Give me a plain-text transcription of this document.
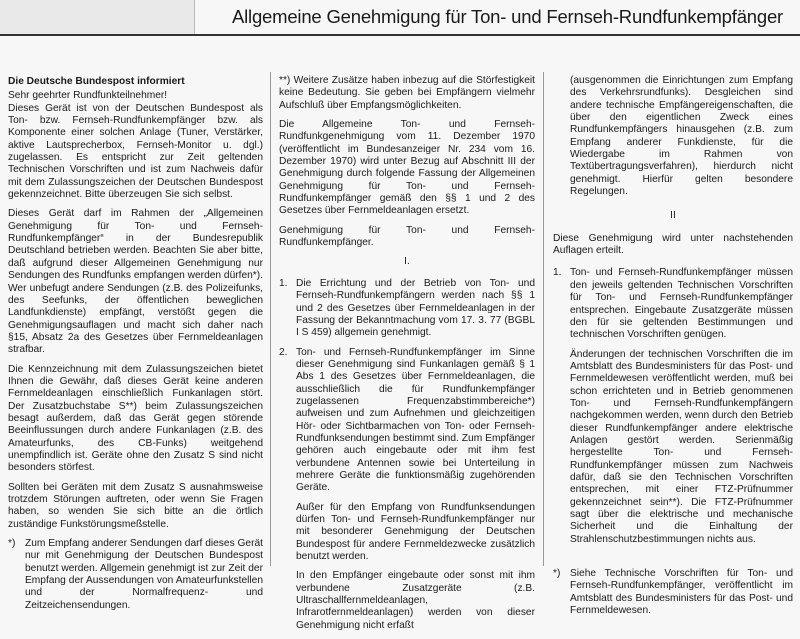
Allgemeine Genehmigung für Ton- und Fernseh-Rundfunkempfänger

Die Deutsche Bundespost informiert

Sehr geehrter Rundfunkteilnehmer!

Dieses Gerät ist von der Deutschen Bundespost als Ton- bzw. Fernseh-Rundfunkempfänger bzw. als Komponente einer solchen Anlage (Tuner, Verstärker, aktive Lautsprecherbox, Fernseh-Monitor u. dgl.) zugelassen. Es entspricht zur Zeit geltenden Technischen Vorschriften und ist zum Nachweis dafür mit dem Zulassungszeichen der Deutschen Bundespost gekennzeichnet. Bitte überzeugen Sie sich selbst.

Dieses Gerät darf im Rahmen der „Allgemeinen Genehmigung für Ton- und Fernseh-Rundfunkempfänger“ in der Bundesrepublik Deutschland betrieben werden. Beachten Sie aber bitte, daß aufgrund dieser Allgemeinen Genehmigung nur Sendungen des Rundfunks empfangen werden dürfen*). Wer unbefugt andere Sendungen (z.B. des Polizeifunks, des Seefunks, der öffentlichen beweglichen Landfunkdienste) empfängt, verstößt gegen die Genehmigungsauflagen und macht sich daher nach §15, Absatz 2a des Gesetzes über Fernmeldeanlagen strafbar.

Die Kennzeichnung mit dem Zulassungszeichen bietet Ihnen die Gewähr, daß dieses Gerät keine anderen Fernmeldeanlagen einschließlich Funkanlagen stört. Der Zusatzbuchstabe S**) beim Zulassungszeichen besagt außerdem, daß das Gerät gegen störende Beeinflussungen durch andere Funkanlagen (z.B. des Amateurfunks, des CB-Funks) weitgehend unempfindlich ist. Geräte ohne den Zusatz S sind nicht besonders störfest.

Sollten bei Geräten mit dem Zusatz S ausnahmsweise trotzdem Störungen auftreten, oder wenn Sie Fragen haben, so wenden Sie sich bitte an die örtlich zuständige Funkstörungsmeßstelle.

*) Zum Empfang anderer Sendungen darf dieses Gerät nur mit Genehmigung der Deutschen Bundespost benutzt werden. Allgemein genehmigt ist zur Zeit der Empfang der Aussendungen von Amateurfunkstellen und der Normalfrequenz- und Zeitzeichensendungen.

**) Weitere Zusätze haben inbezug auf die Störfestigkeit keine Bedeutung. Sie geben bei Empfängern vielmehr Aufschluß über Empfangsmöglichkeiten.

Die Allgemeine Ton- und Fernseh-Rundfunkgenehmigung vom 11. Dezember 1970 (veröffentlicht im Bundesanzeiger Nr. 234 vom 16. Dezember 1970) wird unter Bezug auf Abschnitt III der Genehmigung durch folgende Fassung der Allgemeinen Genehmigung für Ton- und Fernseh-Rundfunkempfänger gemäß den §§ 1 und 2 des Gesetzes über Fernmeldeanlagen ersetzt.

Genehmigung für Ton- und Fernseh-Rundfunkempfänger.

I.
1. Die Errichtung und der Betrieb von Ton- und Fernseh-Rundfunkempfängern werden nach §§ 1 und 2 des Gesetzes über Fernmeldeanlagen in der Fassung der Bekanntmachung vom 17. 3. 77 (BGBL I S 459) allgemein genehmigt.
2. Ton- und Fernseh-Rundfunkempfänger im Sinne dieser Genehmigung sind Funkanlagen gemäß § 1 Abs 1 des Gesetzes über Fernmeldeanlagen, die ausschließlich die für Rundfunkempfänger zugelassenen Frequenzabstimmbereiche*) aufweisen und zum Aufnehmen und gleichzeitigen Hör- oder Sichtbarmachen von Ton- oder Fernseh-Rundfunksendungen bestimmt sind. Zum Empfänger gehören auch eingebaute oder mit ihm fest verbundene Antennen sowie bei Unterteilung in mehrere Geräte die funktionsmäßig zugehörenden Geräte.
Außer für den Empfang von Rundfunksendungen dürfen Ton- und Fernseh-Rundfunkempfänger nur mit besonderer Genehmigung der Deutschen Bundespost für andere Fernmeldezwecke zusätzlich benutzt werden.
In den Empfänger eingebaute oder sonst mit ihm verbundene Zusatzgeräte (z.B. Ultraschallfernmeldeanlagen, Infrarotfernmeldeanlagen) werden von dieser Genehmigung nicht erfaßt
(ausgenommen die Einrichtungen zum Empfang des Verkehrsrundfunks). Desgleichen sind andere technische Empfängereigenschaften, die über den eigentlichen Zweck eines Rundfunkempfängers hinausgehen (z.B. zum Empfang anderer Funkdienste, für die Wiedergabe im Rahmen von Textübertragungsverfahren), hierdurch nicht genehmigt. Hierfür gelten besondere Regelungen.
II

Diese Genehmigung wird unter nachstehenden Auflagen erteilt.

1. Ton- und Fernseh-Rundfunkempfänger müssen den jeweils geltenden Technischen Vorschriften für Ton- und Fernseh-Rundfunkempfänger entsprechen. Eingebaute Zusatzgeräte müssen den für sie geltenden Bestimmungen und technischen Vorschriften genügen.
Änderungen der technischen Vorschriften die im Amtsblatt des Bundesministers für das Post- und Fernmeldewesen veröffentlicht werden, muß bei schon errichteten und in Betrieb genommenen Ton- und Fernseh-Rundfunkempfängern nachgekommen werden, wenn durch den Betrieb dieser Rundfunkempfänger andere elektrische Anlagen gestört werden. Serienmäßig hergestellte Ton- und Fernseh-Rundfunkempfänger müssen zum Nachweis dafür, daß sie den Technischen Vorschriften entsprechen, mit einer FTZ-Prüfnummer gekennzeichnet sein**). Die FTZ-Prüfnummer sagt über die elektrische und mechanische Sicherheit und die Einhaltung der Strahlenschutzbestimmungen nichts aus.
*) Siehe Technische Vorschriften für Ton- und Fernseh-Rundfunkempfänger, veröffentlicht im Amtsblatt des Bundesministers für das Post- und Fernmeldewesen.
